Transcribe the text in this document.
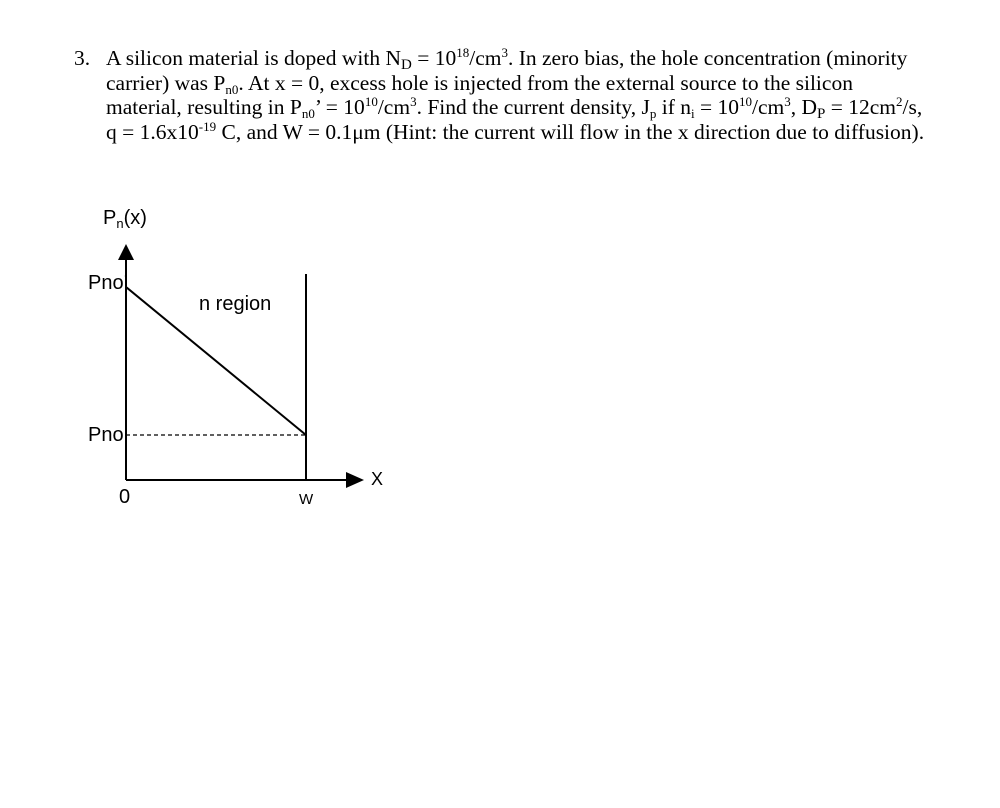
3. A silicon material is doped with $N_D = 10^{18}/cm^3$. In zero bias, the hole concentration (minority carrier) was $P_{n0}$. At x = 0, excess hole is injected from the external source to the silicon material, resulting in $P_{n0}$’ = $10^{10}/cm^3$. Find the current density, $J_p$ if $n_i = 10^{10}/cm^3$, $D_P = 12cm^2/s$, $q = 1.6x10^{-19}$ C, and W = 0.1μm (Hint: the current will flow in the x direction due to diffusion).
$P_n(x)$
Pno’
n region
Pno
X
0	W
